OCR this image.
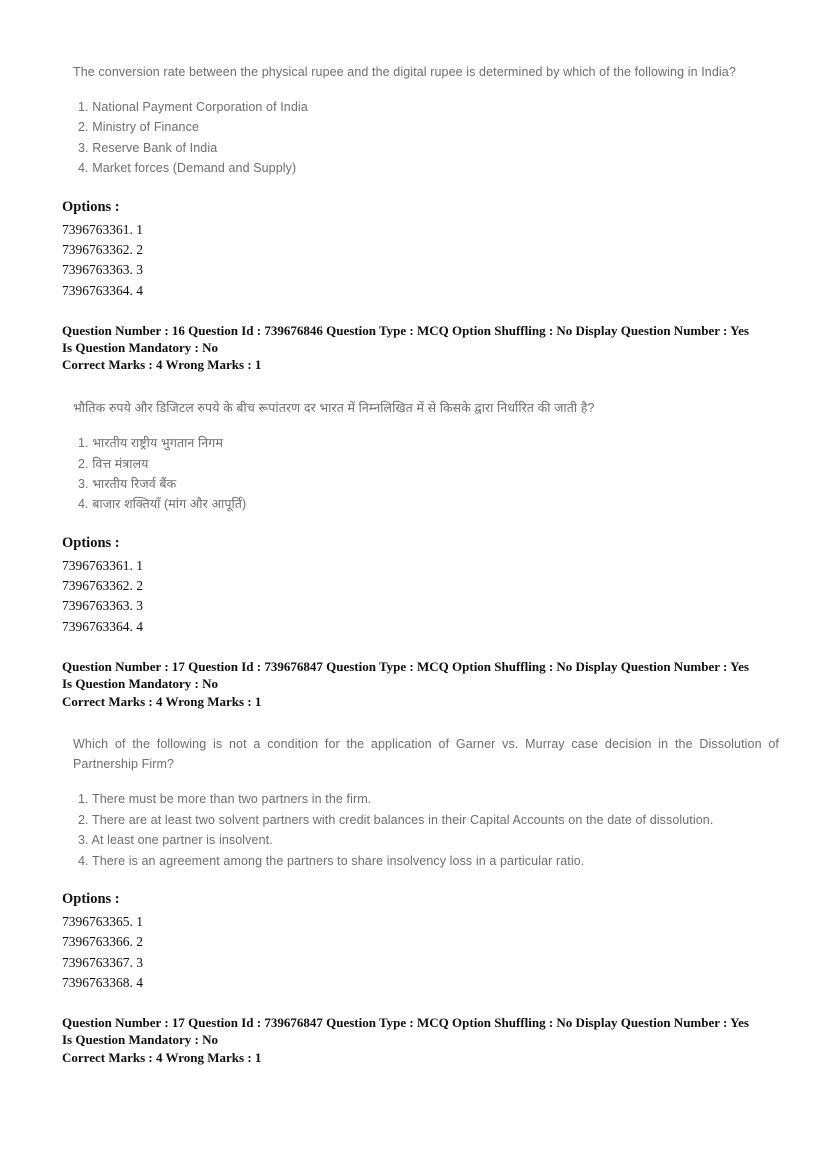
The conversion rate between the physical rupee and the digital rupee is determined by which of the following in India?

1. National Payment Corporation of India
2. Ministry of Finance
3. Reserve Bank of India
4. Market forces (Demand and Supply)
Options :
7396763361. 1
7396763362. 2
7396763363. 3
7396763364. 4
Question Number : 16 Question Id : 739676846 Question Type : MCQ Option Shuffling : No Display Question Number : Yes
Is Question Mandatory : No
Correct Marks : 4 Wrong Marks : 1

भौतिक रुपये और डिजिटल रुपये के बीच रूपांतरण दर भारत में निम्नलिखित में से किसके द्वारा निर्धारित की जाती है?

1. भारतीय राष्ट्रीय भुगतान निगम
2. वित्त मंत्रालय
3. भारतीय रिजर्व बैंक
4. बाजार शक्तियाँ (मांग और आपूर्ति)
Options :
7396763361. 1
7396763362. 2
7396763363. 3
7396763364. 4
Question Number : 17 Question Id : 739676847 Question Type : MCQ Option Shuffling : No Display Question Number : Yes
Is Question Mandatory : No
Correct Marks : 4 Wrong Marks : 1

Which of the following is not a condition for the application of Garner vs. Murray case decision in the Dissolution of Partnership Firm?

1. There must be more than two partners in the firm.
2. There are at least two solvent partners with credit balances in their Capital Accounts on the date of dissolution.
3. At least one partner is insolvent.
4. There is an agreement among the partners to share insolvency loss in a particular ratio.
Options :
7396763365. 1
7396763366. 2
7396763367. 3
7396763368. 4
Question Number : 17 Question Id : 739676847 Question Type : MCQ Option Shuffling : No Display Question Number : Yes
Is Question Mandatory : No
Correct Marks : 4 Wrong Marks : 1
